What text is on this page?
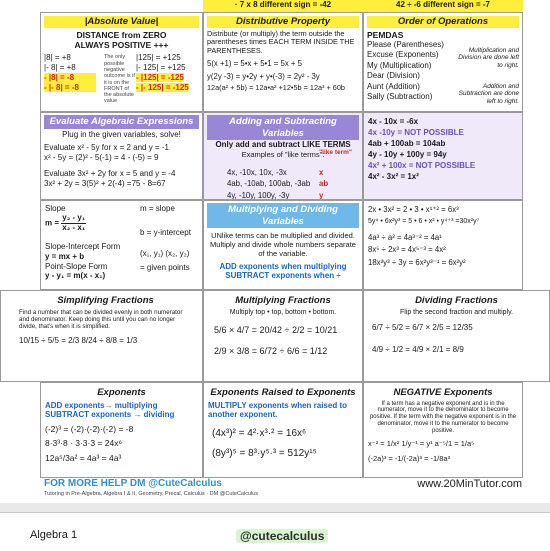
· 7 x 8 different sign = -42	42 ÷ -6 different sign = -7
|Absolute Value|
DISTANCE from ZERO
ALWAYS POSITIVE +++
|8| = +8	|125| = +125
|- 8| = +8	|- 125| = +125
- |8| = -8	- |125| = -125
- |- 8| = -8	- |- 125| = -125
The only possible negative outcome is if it is on the FRONT of the absolute value
Distributive Property
Distribute (or multiply) the term outside the parentheses times EACH TERM INSIDE THE PARENTHESES.
5(x +1) = 5•x + 5•1 = 5x + 5
y(2y -3) = y•2y + y•(-3) = 2y² - 3y
12a(a² + 5b) = 12a•a² +12•5b = 12a³ + 60b
Order of Operations
PEMDAS
Please (Parentheses)
Excuse (Exponents)
My (Multiplication)
Dear (Division)
Aunt (Addition)
Sally (Subtraction)
Multiplication and Division are done left to right.
Addition and Subtraction are done left to right.
Evaluate Algebraic Expressions
Plug in the given variables, solve!
Evaluate x² - 5y for x = 2 and y = -1
x² - 5y = (2)² - 5(-1) = 4 - (-5) = 9
Evaluate 3x² + 2y for x = 5 and y = -4
3x² + 2y = 3(5)² + 2(-4) =75 - 8=67
Adding and Subtracting Variables
Only add and subtract LIKE TERMS
Examples of "like terms":
"like term"
4x, -10x, 10x, -3x	x
4ab, -10ab, 100ab, -3ab ab
4y, -10y, 100y, -3y	y
4x - 10x = -6x
4x -10y = NOT POSSIBLE
4ab + 100ab = 104ab
4y - 10y + 100y = 94y
4x² + 100x = NOT POSSIBLE
4x² - 3x² = 1x²
Slope	m = slope
$m = \frac{\text{y₂ - y₁}}{\text{x₂ - x₁}}$	b = y-intercept
Slope-Intercept Form
y = mx + b	(x₁, y₁) (x₂, y₂)
= given points
Point-Slope Form
y - y₁ = m(x - x₁)
Multiplying and Dividing Variables
UNlike terms can be multiplied and divided. Multiply and divide whole numbers separate of the variable.
ADD exponents when multiplying SUBTRACT exponents when ÷
2x • 3x² = 2 • 3 • x¹⁺² = 6x³
5y⁴ • 6x²y³ = 5 • 6 • x² • y⁴⁺³ =30x²y⁷
4a³ ÷ a² = 4a³⁻² = 4a¹
8x⁵ ÷ 2x³ = 4x⁵⁻³ = 4x²
18x²y³ ÷ 3y = 6x²y³⁻¹ = 6x²y²
Simplifying Fractions
Find a number that can be divided evenly in both numerator and denominator. Keep doing this until you can no longer divide, that's when it is simplified.
10/15 ÷ 5/5 = 2/3 8/24 ÷ 8/8 = 1/3
Multiplying Fractions
Multiply top • top, bottom • bottom.
5/6 × 4/7 = 20/42 ÷ 2/2 = 10/21
2/9 × 3/8 = 6/72 ÷ 6/6 = 1/12
Dividing Fractions
Flip the second fraction and multiply.
6/7 ÷ 5/2 = 6/7 × 2/5 = 12/35
4/9 ÷ 1/2 = 4/9 × 2/1 = 8/9
Exponents
ADD exponents→ multiplying
SUBTRACT exponents → dividing
(-2)³ = (-2)·(-2)·(-2) = -8
8·3³·8 · 3·3·3 = 24x⁶
12a⁵/3a² = 4a³ = 4a³
Exponents Raised to Exponents
MULTIPLY exponents when raised to another exponent.
(4x³)² = 4²·x³·² = 16x⁶
(8y³)⁵ = 8³·y⁵·³ = 512y¹⁵
NEGATIVE Exponents
If a term has a negative exponent and is in the numerator, move it to the denominator to become positive. If the term with the negative exponent is in the denominator, move it to the numerator to become positive.
x⁻² = 1/x² 1/y⁻¹ = y¹ a⁻⁵/1 = 1/a⁵
(-2a)³ = -1/(-2a)³ = -1/8a³
FOR MORE HELP DM @CuteCalculus
Tutoring in Pre-Algebra, Algebra I & II, Geometry, Precal, Calculus · DM @CuteCalculus
www.20MinTutor.com
Algebra 1	@cutecalculus
